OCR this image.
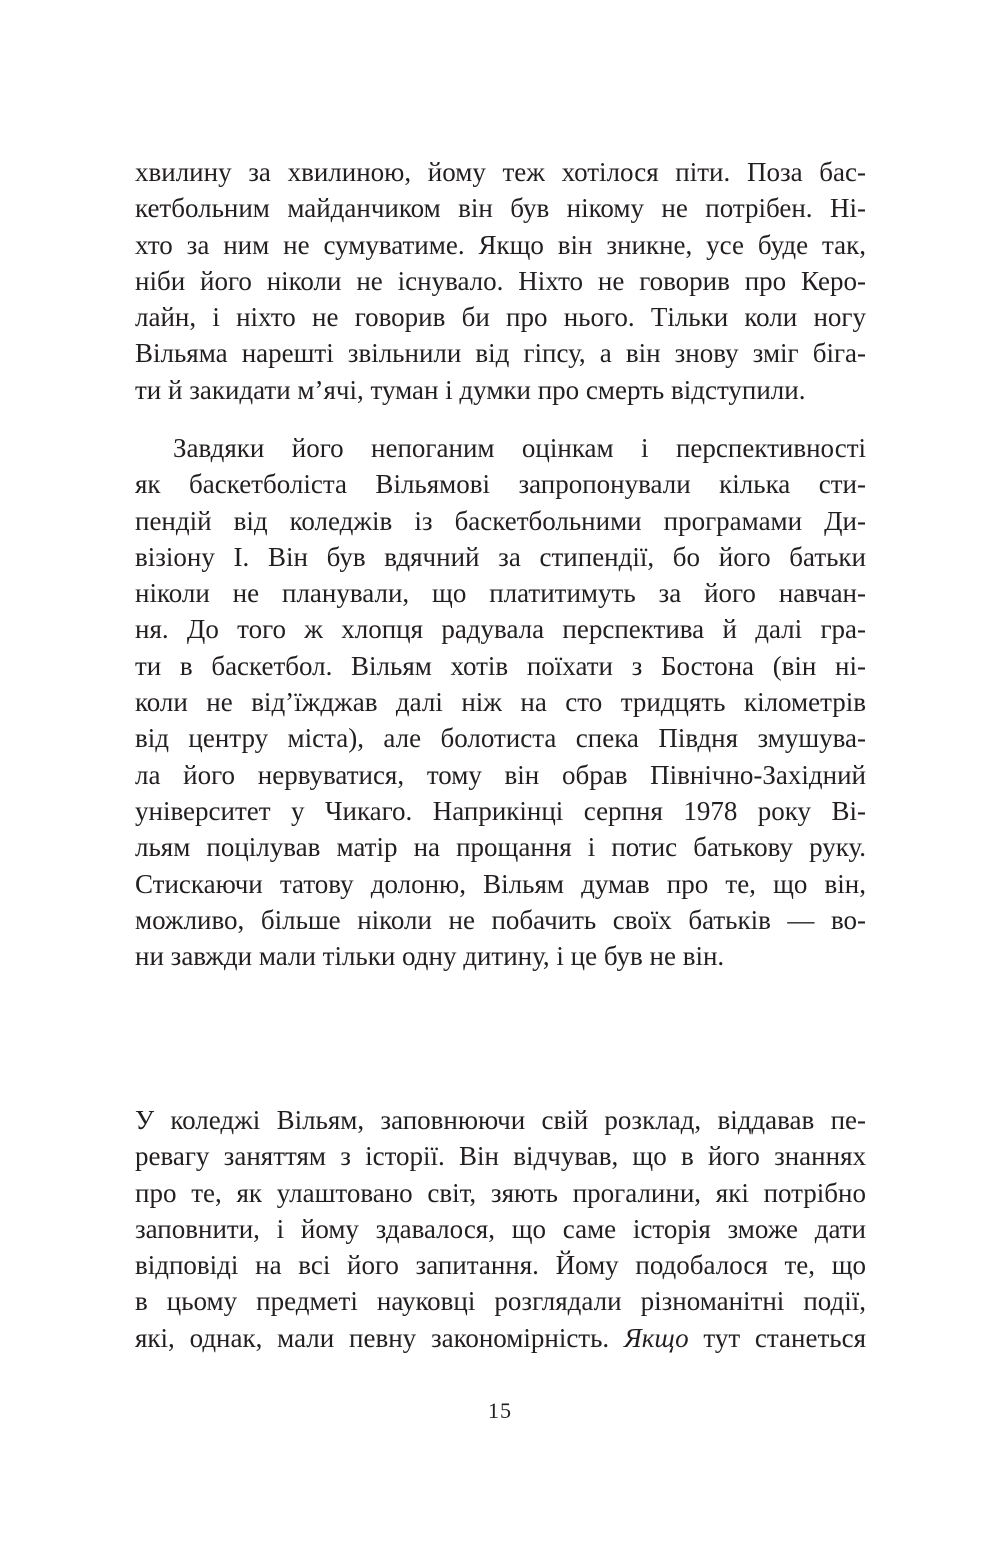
хвилину за хвилиною, йому теж хотілося піти. Поза бас-
кетбольним майданчиком він був нікому не потрібен. Ні-
хто за ним не сумуватиме. Якщо він зникне, усе буде так,
ніби його ніколи не існувало. Ніхто не говорив про Керо-
лайн, і ніхто не говорив би про нього. Тільки коли ногу
Вільяма нарешті звільнили від гіпсу, а він знову зміг біга-
ти й закидати м’ячі, туман і думки про смерть відступили.
Завдяки його непоганим оцінкам і перспективності
як баскетболіста Вільямові запропонували кілька сти-
пендій від коледжів із баскетбольними програмами Ди-
візіону I. Він був вдячний за стипендії, бо його батьки
ніколи не планували, що платитимуть за його навчан-
ня. До того ж хлопця радувала перспектива й далі гра-
ти в баскетбол. Вільям хотів поїхати з Бостона (він ні-
коли не від’їжджав далі ніж на сто тридцять кілометрів
від центру міста), але болотиста спека Півдня змушува-
ла його нервуватися, тому він обрав Північно-Західний
університет у Чикаго. Наприкінці серпня 1978 року Ві-
льям поцілував матір на прощання і потис батькову руку.
Стискаючи татову долоню, Вільям думав про те, що він,
можливо, більше ніколи не побачить своїх батьків — во-
ни завжди мали тільки одну дитину, і це був не він.
У коледжі Вільям, заповнюючи свій розклад, віддавав пе-
ревагу заняттям з історії. Він відчував, що в його знаннях
про те, як улаштовано світ, зяють прогалини, які потрібно
заповнити, і йому здавалося, що саме історія зможе дати
відповіді на всі його запитання. Йому подобалося те, що
в цьому предметі науковці розглядали різноманітні події,
які, однак, мали певну закономірність. Якщо тут станеться
15
